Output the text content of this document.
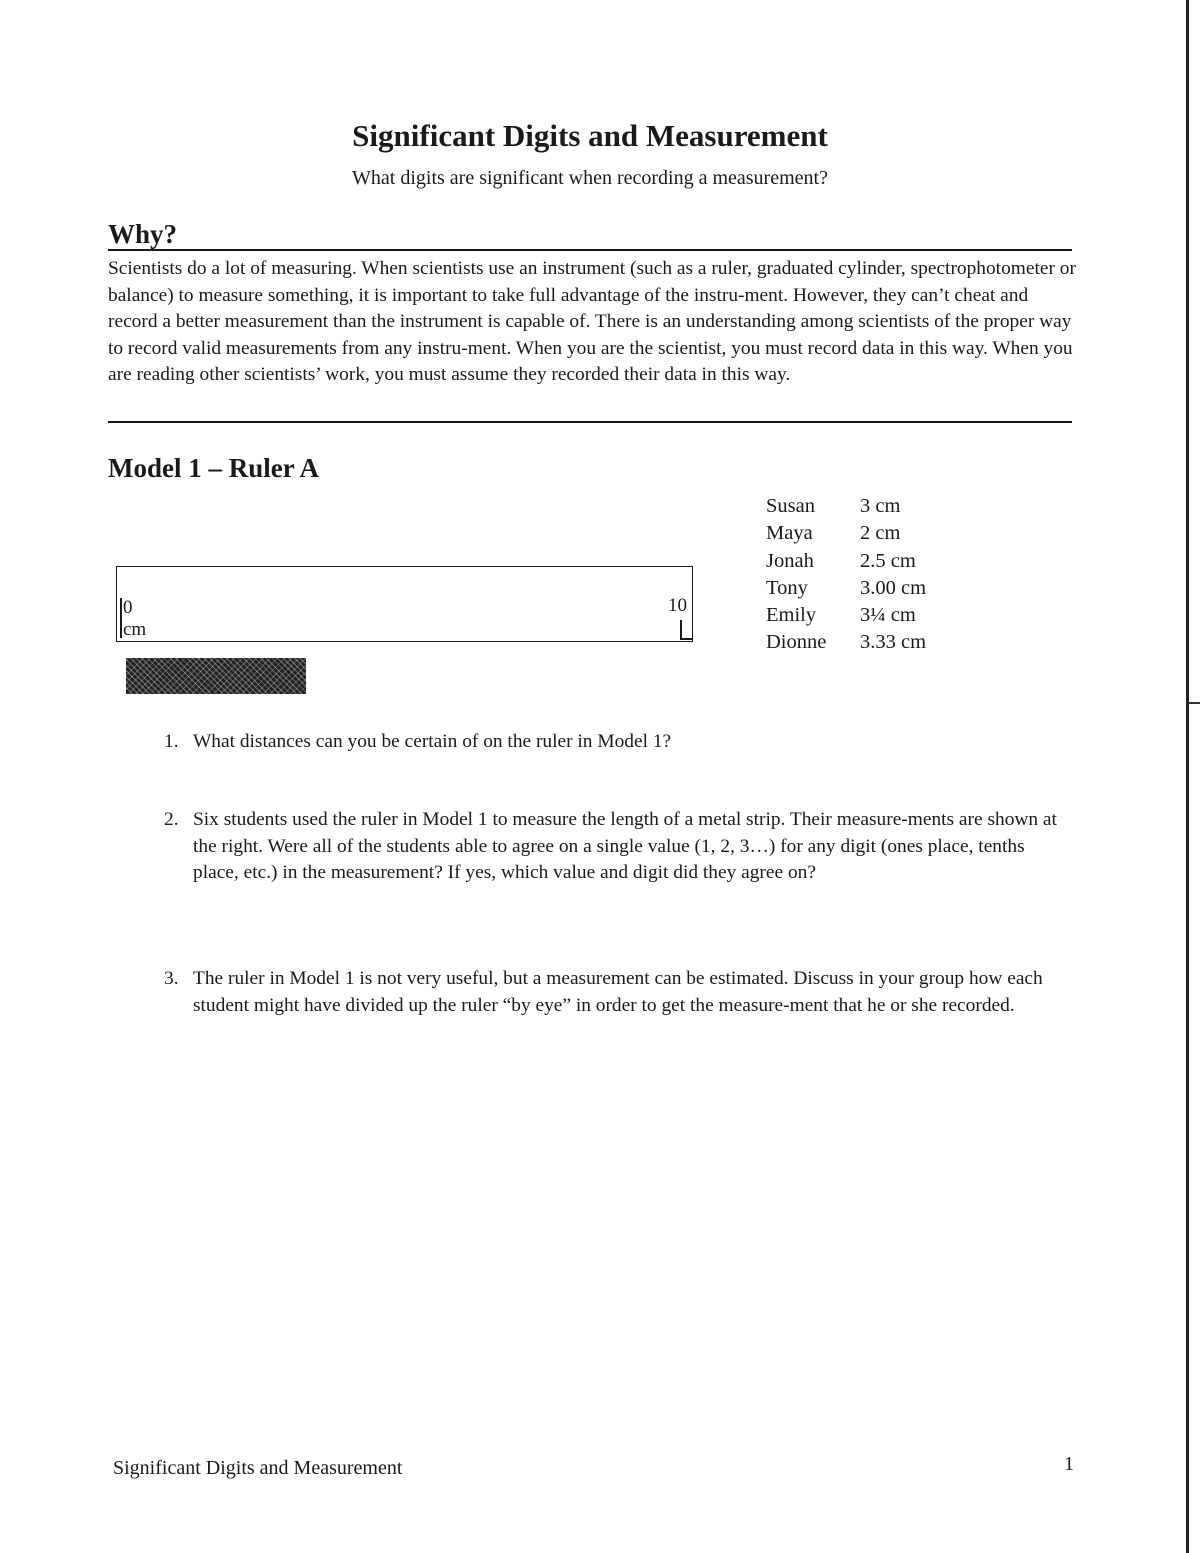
Significant Digits and Measurement
What digits are significant when recording a measurement?
Why?

Scientists do a lot of measuring. When scientists use an instrument (such as a ruler, graduated cylinder, spectrophotometer or balance) to measure something, it is important to take full advantage of the instru-ment. However, they can’t cheat and record a better measurement than the instrument is capable of. There is an understanding among scientists of the proper way to record valid measurements from any instru-ment. When you are the scientist, you must record data in this way. When you are reading other scientists’ work, you must assume they recorded their data in this way.

Model 1 – Ruler A
0 cm
10
Susan	3 cm
Maya	2 cm
Jonah	2.5 cm
Tony	3.00 cm
Emily	3¼ cm
Dionne	3.33 cm
1. What distances can you be certain of on the ruler in Model 1?
2. Six students used the ruler in Model 1 to measure the length of a metal strip. Their measure-ments are shown at the right. Were all of the students able to agree on a single value (1, 2, 3…) for any digit (ones place, tenths place, etc.) in the measurement? If yes, which value and digit did they agree on?
3. The ruler in Model 1 is not very useful, but a measurement can be estimated. Discuss in your group how each student might have divided up the ruler “by eye” in order to get the measure-ment that he or she recorded.
Significant Digits and Measurement	1
